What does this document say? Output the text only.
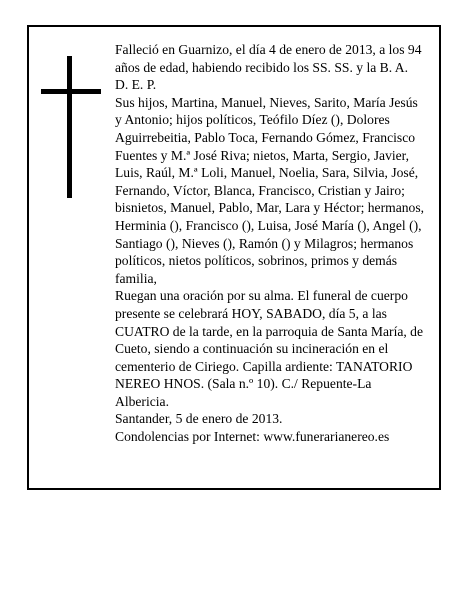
Falleció en Guarnizo, el día 4 de enero de 2013, a los 94 años de edad, habiendo recibido los SS. SS. y la B. A.

D. E. P.

Sus hijos, Martina, Manuel, Nieves, Sarito, María Jesús y Antonio; hijos políticos, Teófilo Díez (), Dolores Aguirrebeitia, Pablo Toca, Fernando Gómez, Francisco Fuentes y M.ª José Riva; nietos, Marta, Sergio, Javier, Luis, Raúl, M.ª Loli, Manuel, Noelia, Sara, Silvia, José, Fernando, Víctor, Blanca, Francisco, Cristian y Jairo; bisnietos, Manuel, Pablo, Mar, Lara y Héctor; hermanos, Herminia (), Francisco (), Luisa, José María (), Angel (), Santiago (), Nieves (), Ramón () y Milagros; hermanos políticos, nietos políticos, sobrinos, primos y demás familia,

Ruegan una oración por su alma. El funeral de cuerpo presente se celebrará HOY, SABADO, día 5, a las CUATRO de la tarde, en la parroquia de Santa María, de Cueto, siendo a continuación su incineración en el cementerio de Ciriego. Capilla ardiente: TANATORIO NEREO HNOS. (Sala n.º 10). C./ Repuente-La Albericia.

Santander, 5 de enero de 2013.

Condolencias por Internet: www.funerarianereo.es
